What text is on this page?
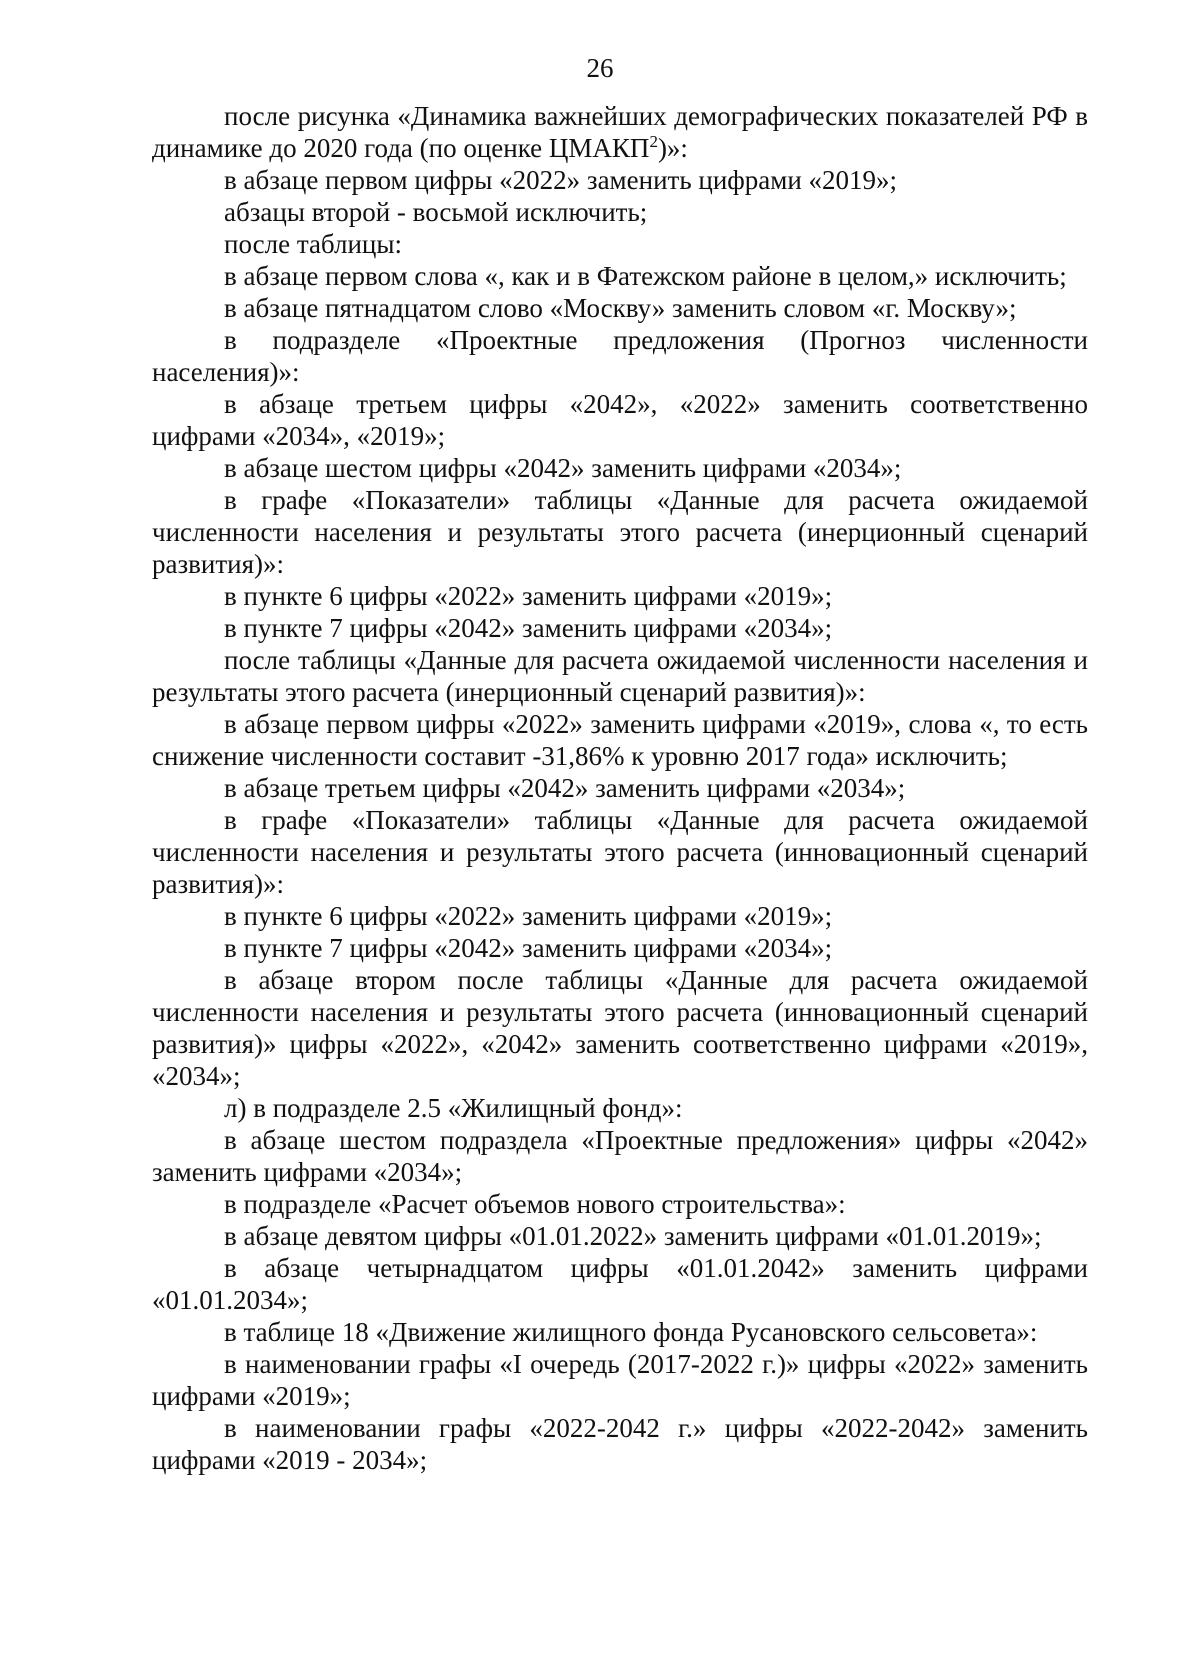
26

после рисунка «Динамика важнейших демографических показателей РФ в динамике до 2020 года (по оценке ЦМАКП$^2$)»:

в абзаце первом цифры «2022» заменить цифрами «2019»;

абзацы второй - восьмой исключить;

после таблицы:

в абзаце первом слова «, как и в Фатежском районе в целом,» исключить;

в абзаце пятнадцатом слово «Москву» заменить словом «г. Москву»;

в подразделе «Проектные предложения (Прогноз численности населения)»:

в абзаце третьем цифры «2042», «2022» заменить соответственно цифрами «2034», «2019»;

в абзаце шестом цифры «2042» заменить цифрами «2034»;

в графе «Показатели» таблицы «Данные для расчета ожидаемой численности населения и результаты этого расчета (инерционный сценарий развития)»:

в пункте 6 цифры «2022» заменить цифрами «2019»;

в пункте 7 цифры «2042» заменить цифрами «2034»;

после таблицы «Данные для расчета ожидаемой численности населения и результаты этого расчета (инерционный сценарий развития)»:

в абзаце первом цифры «2022» заменить цифрами «2019», слова «, то есть снижение численности составит -31,86% к уровню 2017 года» исключить;

в абзаце третьем цифры «2042» заменить цифрами «2034»;

в графе «Показатели» таблицы «Данные для расчета ожидаемой численности населения и результаты этого расчета (инновационный сценарий развития)»:

в пункте 6 цифры «2022» заменить цифрами «2019»;

в пункте 7 цифры «2042» заменить цифрами «2034»;

в абзаце втором после таблицы «Данные для расчета ожидаемой численности населения и результаты этого расчета (инновационный сценарий развития)» цифры «2022», «2042» заменить соответственно цифрами «2019», «2034»;

л) в подразделе 2.5 «Жилищный фонд»:

в абзаце шестом подраздела «Проектные предложения» цифры «2042» заменить цифрами «2034»;

в подразделе «Расчет объемов нового строительства»:

в абзаце девятом цифры «01.01.2022» заменить цифрами «01.01.2019»;

в абзаце четырнадцатом цифры «01.01.2042» заменить цифрами «01.01.2034»;

в таблице 18 «Движение жилищного фонда Русановского сельсовета»:

в наименовании графы «I очередь (2017-2022 г.)» цифры «2022» заменить цифрами «2019»;

в наименовании графы «2022-2042 г.» цифры «2022-2042» заменить цифрами «2019 - 2034»;
